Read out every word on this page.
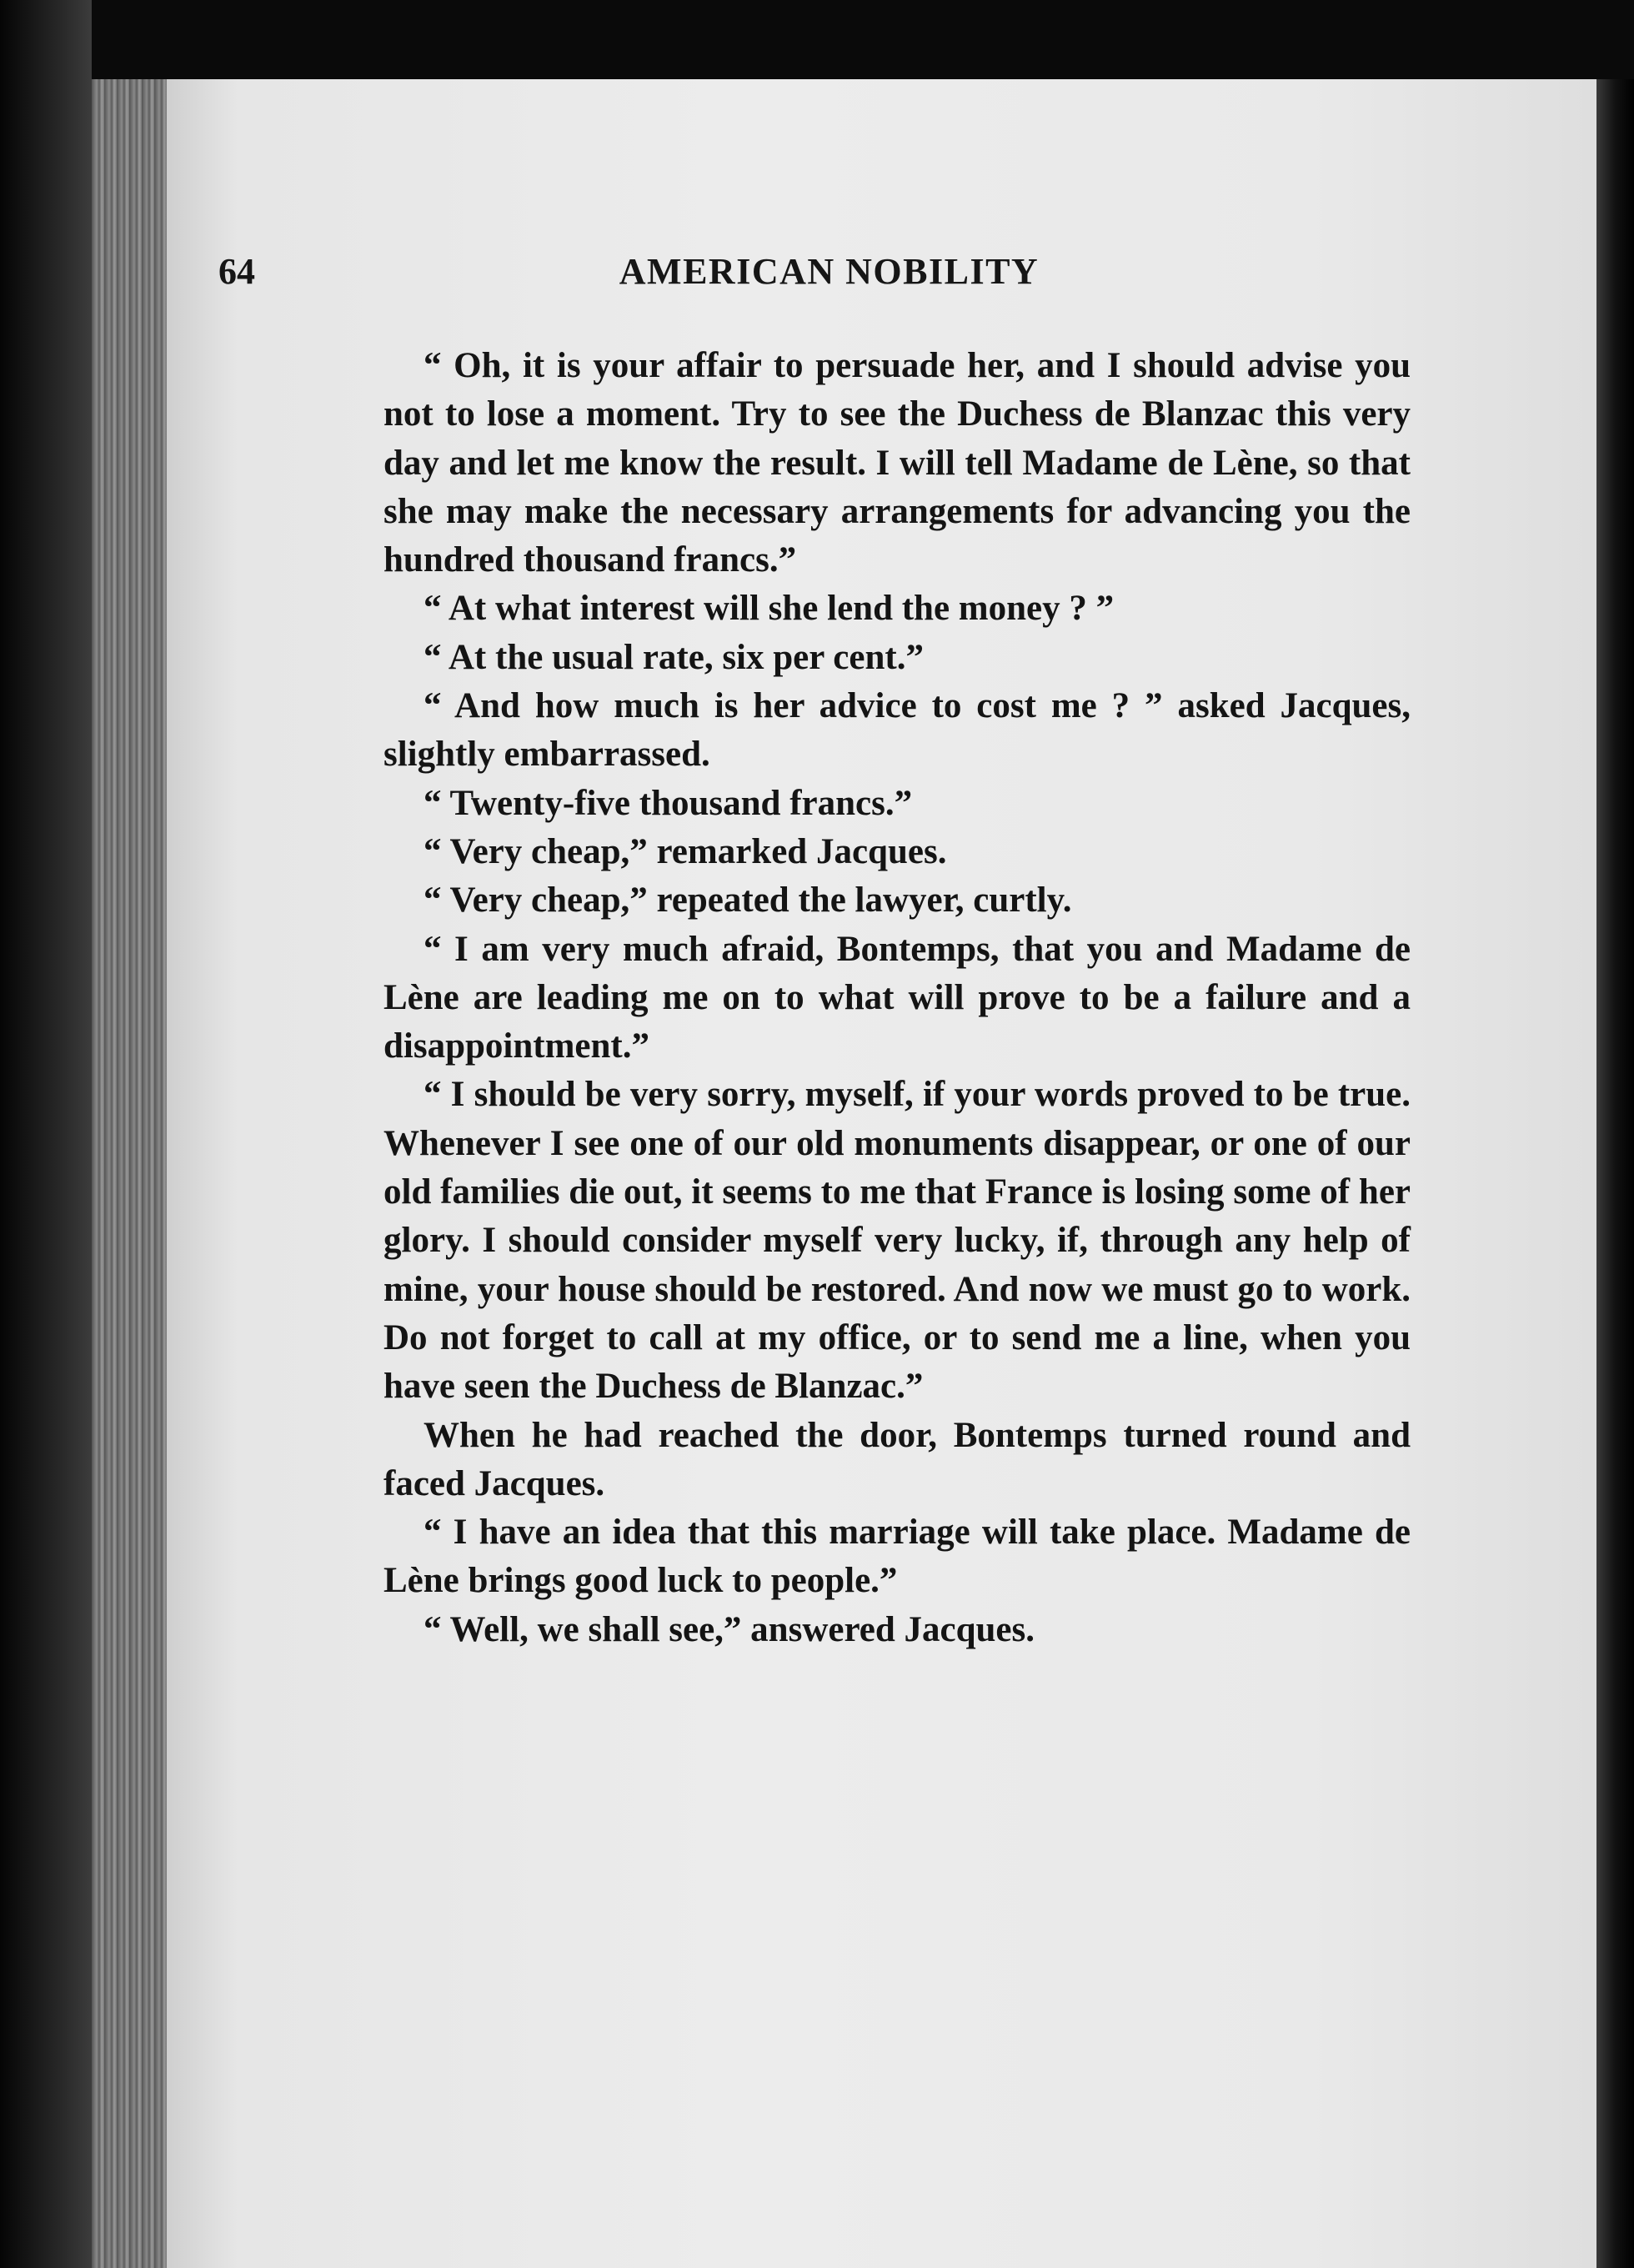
64	AMERICAN NOBILITY

“ Oh, it is your affair to persuade her, and I should advise you not to lose a moment. Try to see the Duchess de Blanzac this very day and let me know the result. I will tell Madame de Lène, so that she may make the necessary arrangements for advancing you the hundred thousand francs.”

“ At what interest will she lend the money ? ”

“ At the usual rate, six per cent.”

“ And how much is her advice to cost me ? ” asked Jacques, slightly embarrassed.

“ Twenty-five thousand francs.”

“ Very cheap,” remarked Jacques.

“ Very cheap,” repeated the lawyer, curtly.

“ I am very much afraid, Bontemps, that you and Madame de Lène are leading me on to what will prove to be a failure and a disappointment.”

“ I should be very sorry, myself, if your words proved to be true. Whenever I see one of our old monuments disappear, or one of our old families die out, it seems to me that France is losing some of her glory. I should consider myself very lucky, if, through any help of mine, your house should be restored. And now we must go to work. Do not forget to call at my office, or to send me a line, when you have seen the Duchess de Blanzac.”

When he had reached the door, Bontemps turned round and faced Jacques.

“ I have an idea that this marriage will take place. Madame de Lène brings good luck to people.”

“ Well, we shall see,” answered Jacques.
